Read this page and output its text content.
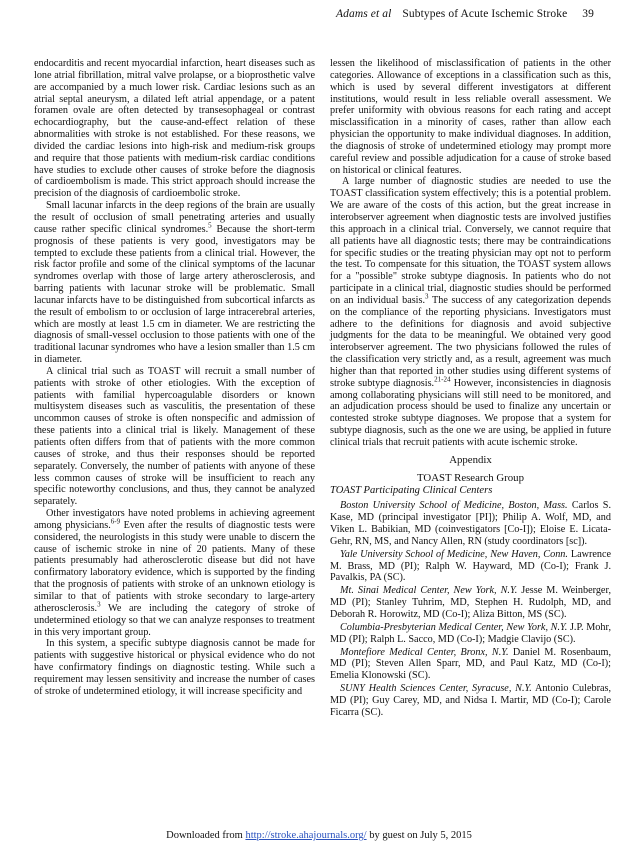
Adams et al Subtypes of Acute Ischemic Stroke 39

endocarditis and recent myocardial infarction, heart diseases such as lone atrial fibrillation, mitral valve prolapse, or a bioprosthetic valve are accompanied by a much lower risk. Cardiac lesions such as an atrial septal aneurysm, a dilated left atrial appendage, or a patent foramen ovale are often detected by transesophageal or contrast echocardiography, but the cause-and-effect relation of these abnormalities with stroke is not established. For these reasons, we divided the cardiac lesions into high-risk and medium-risk groups and require that those patients with medium-risk cardiac conditions have studies to exclude other causes of stroke before the diagnosis of cardioembolism is made. This strict approach should increase the precision of the diagnosis of cardioembolic stroke.

Small lacunar infarcts in the deep regions of the brain are usually the result of occlusion of small penetrating arteries and usually cause rather specific clinical syndromes.$^5$ Because the short-term prognosis of these patients is very good, investigators may be tempted to exclude these patients from a clinical trial. However, the risk factor profile and some of the clinical symptoms of the lacunar syndromes overlap with those of large artery atherosclerosis, and barring patients with lacunar stroke will be problematic. Small lacunar infarcts have to be distinguished from subcortical infarcts as the result of embolism to or occlusion of large intracerebral arteries, which are mostly at least 1.5 cm in diameter. We are restricting the diagnosis of small-vessel occlusion to those patients with one of the traditional lacunar syndromes who have a lesion smaller than 1.5 cm in diameter.

A clinical trial such as TOAST will recruit a small number of patients with stroke of other etiologies. With the exception of patients with familial hypercoagulable disorders or known multisystem diseases such as vasculitis, the presentation of these uncommon causes of stroke is often nonspecific and admission of these patients into a clinical trial is likely. Management of these patients often differs from that of patients with the more common causes of stroke, and thus their responses should be reported separately. Conversely, the number of patients with anyone of these less common causes of stroke will be insufficient to reach any specific noteworthy conclusions, and thus, they cannot be analyzed separately.

Other investigators have noted problems in achieving agreement among physicians.$^{6-9}$ Even after the results of diagnostic tests were considered, the neurologists in this study were unable to discern the cause of ischemic stroke in nine of 20 patients. Many of these patients presumably had atherosclerotic disease but did not have confirmatory laboratory evidence, which is supported by the finding that the prognosis of patients with stroke of an unknown etiology is similar to that of patients with stroke secondary to large-artery atherosclerosis.$^3$ We are including the category of stroke of undetermined etiology so that we can analyze responses to treatment in this very important group.

In this system, a specific subtype diagnosis cannot be made for patients with suggestive historical or physical evidence who do not have confirmatory findings on diagnostic testing. While such a requirement may lessen sensitivity and increase the number of cases of stroke of undetermined etiology, it will increase specificity and

lessen the likelihood of misclassification of patients in the other categories. Allowance of exceptions in a classification such as this, which is used by several different investigators at different institutions, would result in less reliable overall assessment. We prefer uniformity with obvious reasons for each rating and accept misclassification in a minority of cases, rather than allow each physician the opportunity to make individual diagnoses. In addition, the diagnosis of stroke of undetermined etiology may prompt more careful review and possible adjudication for a cause of stroke based on historical or clinical features.

A large number of diagnostic studies are needed to use the TOAST classification system effectively; this is a potential problem. We are aware of the costs of this action, but the great increase in interobserver agreement when diagnostic tests are involved justifies this approach in a clinical trial. Conversely, we cannot require that all patients have all diagnostic tests; there may be contraindications for specific studies or the treating physician may opt not to perform the test. To compensate for this situation, the TOAST system allows for a "possible" stroke subtype diagnosis. In patients who do not participate in a clinical trial, diagnostic studies should be performed on an individual basis.$^3$ The success of any categorization depends on the compliance of the reporting physicians. Investigators must adhere to the definitions for diagnosis and avoid subjective judgments for the data to be meaningful. We obtained very good interobserver agreement. The two physicians followed the rules of the classification very strictly and, as a result, agreement was much higher than that reported in other studies using different systems of stroke subtype diagnosis.$^{21-24}$ However, inconsistencies in diagnosis among collaborating physicians will still need to be monitored, and an adjudication process should be used to finalize any uncertain or contested stroke subtype diagnoses. We propose that a system for subtype diagnosis, such as the one we are using, be applied in future clinical trials that recruit patients with acute ischemic stroke.

Appendix

TOAST Research Group

TOAST Participating Clinical Centers

Boston University School of Medicine, Boston, Mass. Carlos S. Kase, MD (principal investigator [PI]); Philip A. Wolf, MD, and Viken L. Babikian, MD (coinvestigators [Co-I]); Eloise E. Licata-Gehr, RN, MS, and Nancy Allen, RN (study coordinators [sc]).

Yale University School of Medicine, New Haven, Conn. Lawrence M. Brass, MD (PI); Ralph W. Hayward, MD (Co-I); Frank J. Pavalkis, PA (SC).

Mt. Sinai Medical Center, New York, N.Y. Jesse M. Weinberger, MD (PI); Stanley Tuhrim, MD, Stephen H. Rudolph, MD, and Deborah R. Horowitz, MD (Co-I); Aliza Bitton, MS (SC).

Columbia-Presbyterian Medical Center, New York, N.Y. J.P. Mohr, MD (PI); Ralph L. Sacco, MD (Co-I); Madgie Clavijo (SC).

Montefiore Medical Center, Bronx, N.Y. Daniel M. Rosenbaum, MD (PI); Steven Allen Sparr, MD, and Paul Katz, MD (Co-I); Emelia Klonowski (SC).

SUNY Health Sciences Center, Syracuse, N.Y. Antonio Culebras, MD (PI); Guy Carey, MD, and Nidsa I. Martir, MD (Co-I); Carole Ficarra (SC).

Downloaded from http://stroke.ahajournals.org/ by guest on July 5, 2015
